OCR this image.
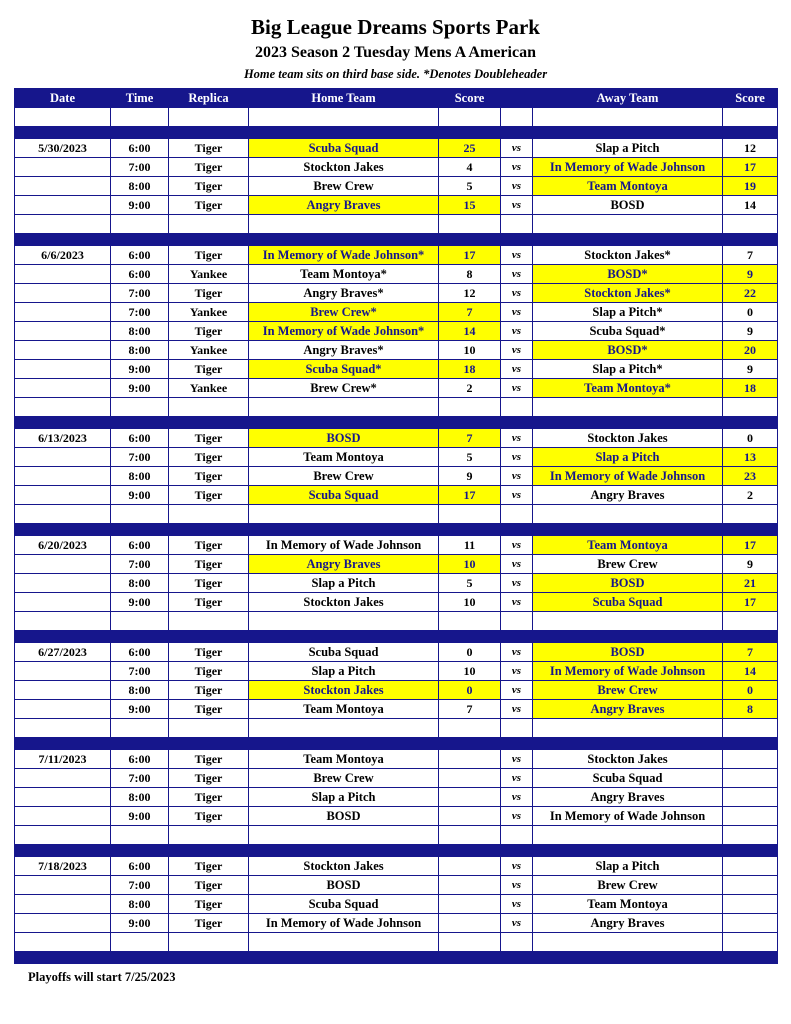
Big League Dreams Sports Park
2023 Season 2 Tuesday Mens A American
Home team sits on third base side. *Denotes Doubleheader
Date	Time	Replica	Home Team	Score		Away Team	Score

5/30/2023	6:00	Tiger	Scuba Squad	25	vs	Slap a Pitch	12
	7:00	Tiger	Stockton Jakes	4	vs	In Memory of Wade Johnson	17
	8:00	Tiger	Brew Crew	5	vs	Team Montoya	19
	9:00	Tiger	Angry Braves	15	vs	BOSD	14

6/6/2023	6:00	Tiger	In Memory of Wade Johnson*	17	vs	Stockton Jakes*	7
	6:00	Yankee	Team Montoya*	8	vs	BOSD*	9
	7:00	Tiger	Angry Braves*	12	vs	Stockton Jakes*	22
	7:00	Yankee	Brew Crew*	7	vs	Slap a Pitch*	0
	8:00	Tiger	In Memory of Wade Johnson*	14	vs	Scuba Squad*	9
	8:00	Yankee	Angry Braves*	10	vs	BOSD*	20
	9:00	Tiger	Scuba Squad*	18	vs	Slap a Pitch*	9
	9:00	Yankee	Brew Crew*	2	vs	Team Montoya*	18

6/13/2023	6:00	Tiger	BOSD	7	vs	Stockton Jakes	0
	7:00	Tiger	Team Montoya	5	vs	Slap a Pitch	13
	8:00	Tiger	Brew Crew	9	vs	In Memory of Wade Johnson	23
	9:00	Tiger	Scuba Squad	17	vs	Angry Braves	2

6/20/2023	6:00	Tiger	In Memory of Wade Johnson	11	vs	Team Montoya	17
	7:00	Tiger	Angry Braves	10	vs	Brew Crew	9
	8:00	Tiger	Slap a Pitch	5	vs	BOSD	21
	9:00	Tiger	Stockton Jakes	10	vs	Scuba Squad	17

6/27/2023	6:00	Tiger	Scuba Squad	0	vs	BOSD	7
	7:00	Tiger	Slap a Pitch	10	vs	In Memory of Wade Johnson	14
	8:00	Tiger	Stockton Jakes	0	vs	Brew Crew	0
	9:00	Tiger	Team Montoya	7	vs	Angry Braves	8

7/11/2023	6:00	Tiger	Team Montoya		vs	Stockton Jakes	
	7:00	Tiger	Brew Crew		vs	Scuba Squad	
	8:00	Tiger	Slap a Pitch		vs	Angry Braves	
	9:00	Tiger	BOSD		vs	In Memory of Wade Johnson	

7/18/2023	6:00	Tiger	Stockton Jakes		vs	Slap a Pitch	
	7:00	Tiger	BOSD		vs	Brew Crew	
	8:00	Tiger	Scuba Squad		vs	Team Montoya	
	9:00	Tiger	In Memory of Wade Johnson		vs	Angry Braves	

Playoffs will start 7/25/2023
